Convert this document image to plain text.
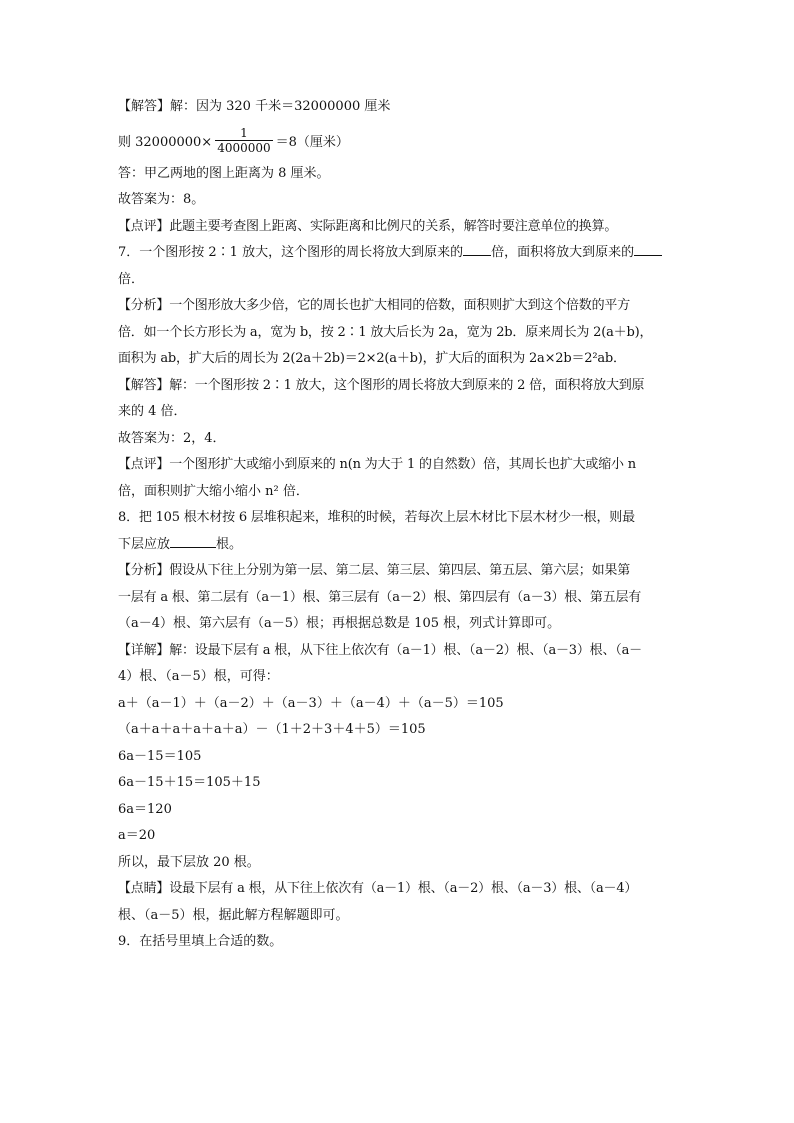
【解答】解：因为 320 千米＝32000000 厘米
则 $32000000\times \frac{1}{4000000} =8$（厘米）
答：甲乙两地的图上距离为 8 厘米。
故答案为：8。
【点评】此题主要考查图上距离、实际距离和比例尺的关系，解答时要注意单位的换算。
7．一个图形按 2∶1 放大，这个图形的周长将放大到原来的 倍，面积将放大到原来的
倍．
【分析】一个图形放大多少倍，它的周长也扩大相同的倍数，面积则扩大到这个倍数的平方
倍．如一个长方形长为 a，宽为 b，按 2∶1 放大后长为 2a，宽为 2b．原来周长为 2(a＋b)，
面积为 ab，扩大后的周长为 2(2a＋2b)＝2×2(a＋b)，扩大后的面积为 2a×2b＝2²ab．
【解答】解：一个图形按 2∶1 放大，这个图形的周长将放大到原来的 2 倍，面积将放大到原
来的 4 倍．
故答案为：2，4．
【点评】一个图形扩大或缩小到原来的 n(n 为大于 1 的自然数）倍，其周长也扩大或缩小 n
倍，面积则扩大缩小缩小 n² 倍．
8．把 105 根木材按 6 层堆积起来，堆积的时候，若每次上层木材比下层木材少一根，则最
下层应放	根。
【分析】假设从下往上分别为第一层、第二层、第三层、第四层、第五层、第六层；如果第
一层有 a 根、第二层有（a－1）根、第三层有（a－2）根、第四层有（a－3）根、第五层有
（a－4）根、第六层有（a－5）根；再根据总数是 105 根，列式计算即可。
【详解】解：设最下层有 a 根，从下往上依次有（a－1）根、（a－2）根、（a－3）根、（a－
4）根、（a－5）根，可得：
a＋（a－1）＋（a－2）＋（a－3）＋（a－4）＋（a－5）＝105
（a＋a＋a＋a＋a＋a）－（1＋2＋3＋4＋5）＝105
6a－15＝105
6a－15＋15＝105＋15
6a＝120
a＝20
所以，最下层放 20 根。
【点睛】设最下层有 a 根，从下往上依次有（a－1）根、（a－2）根、（a－3）根、（a－4）
根、（a－5）根，据此解方程解题即可。
9．在括号里填上合适的数。
